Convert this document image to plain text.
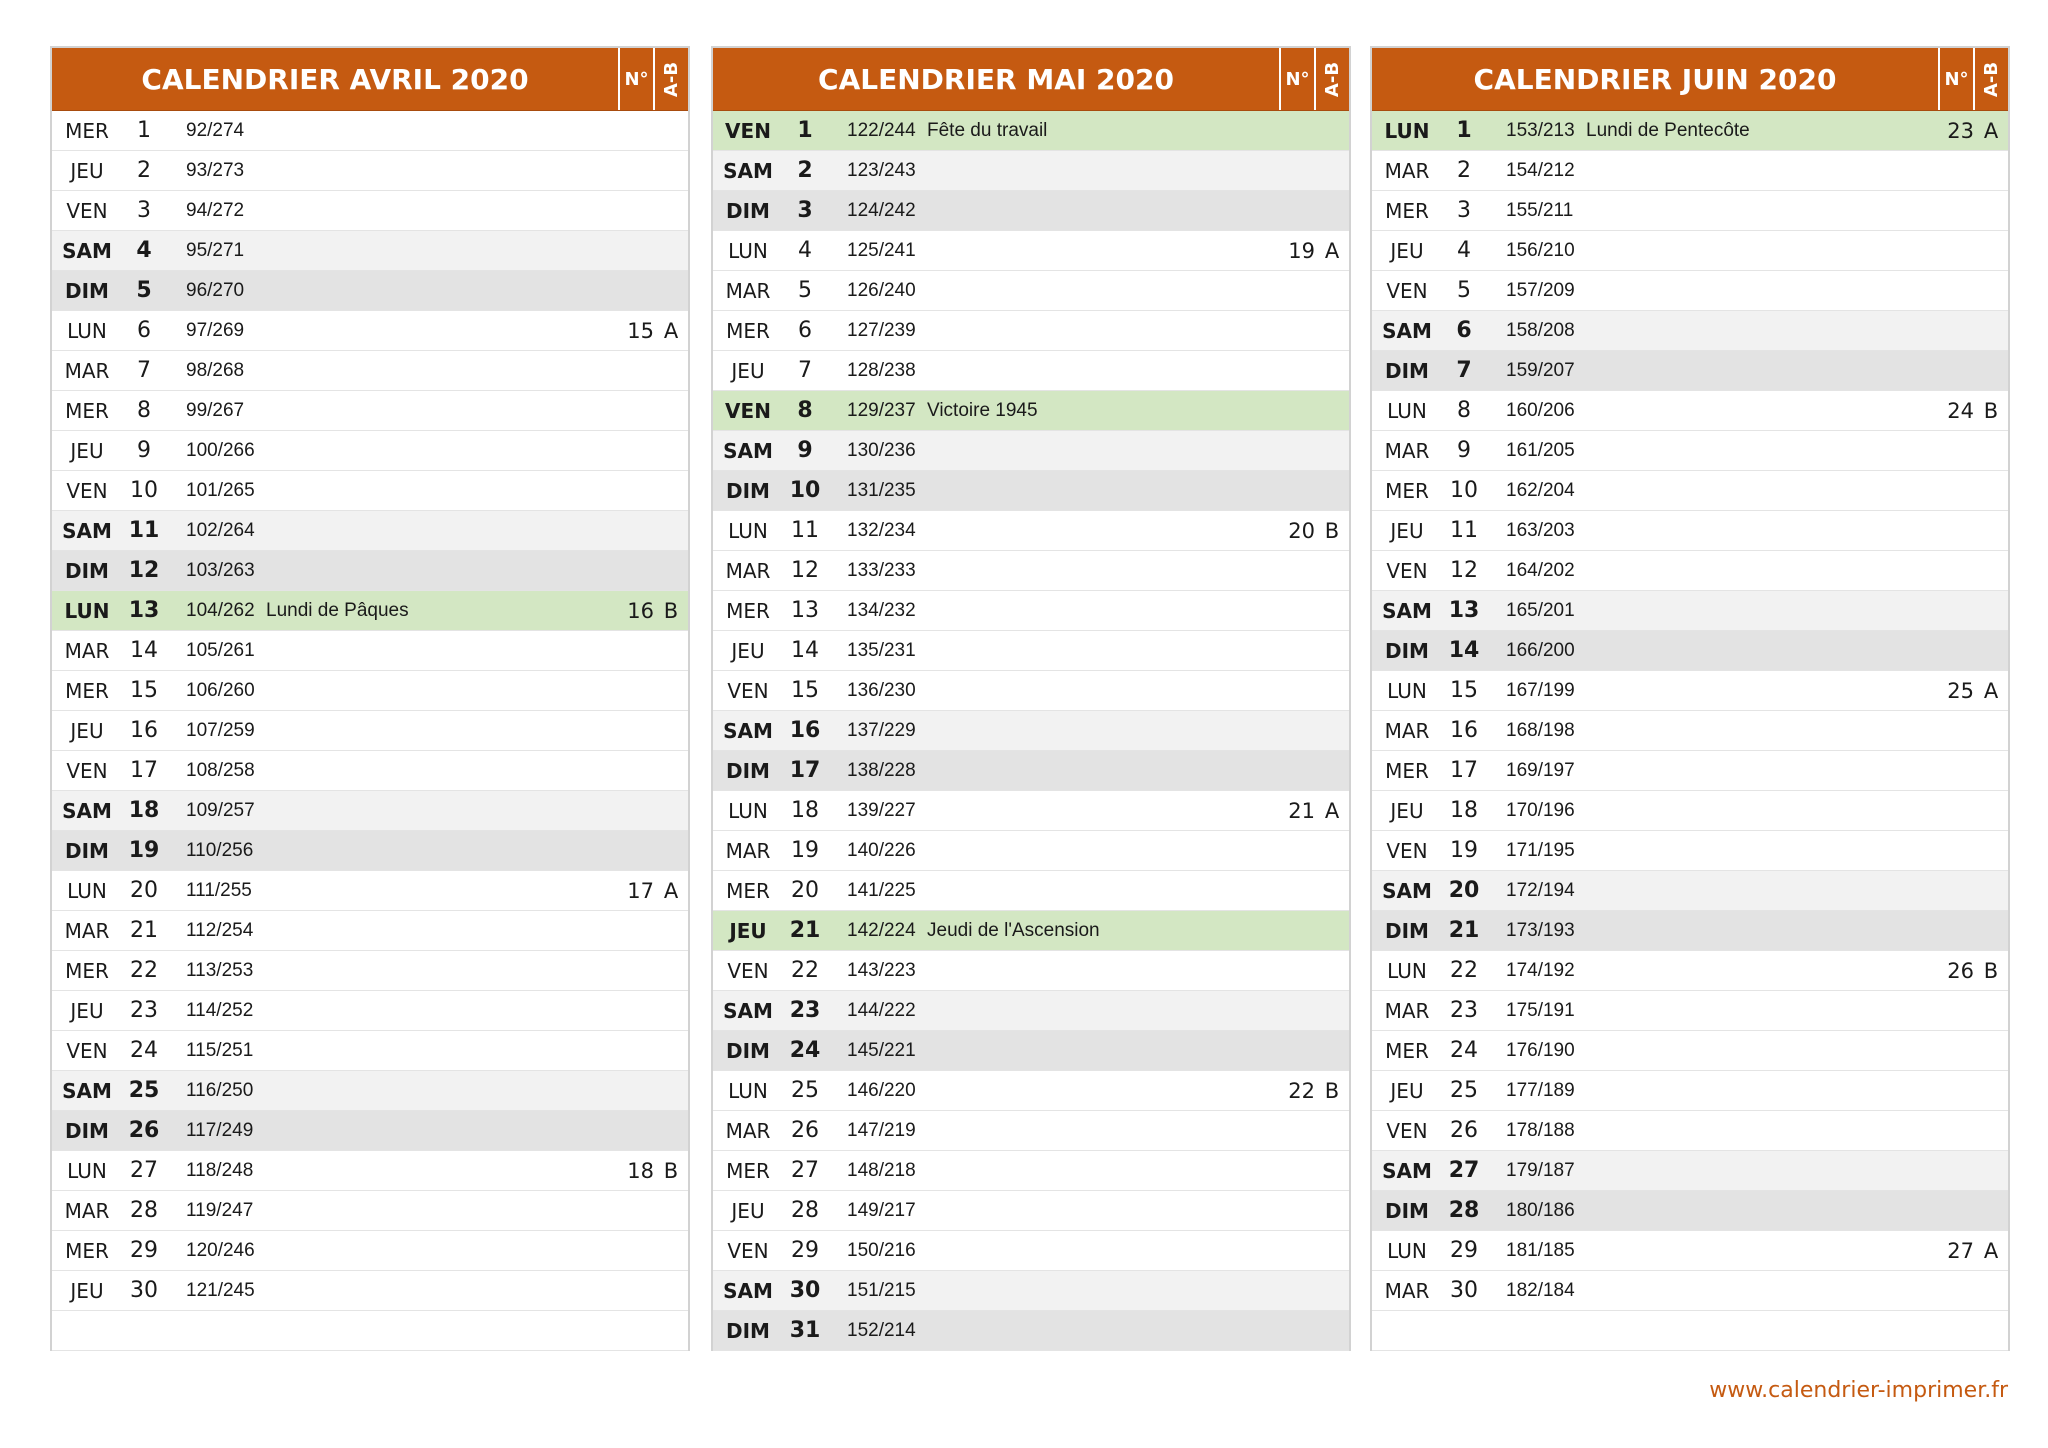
CALENDRIER AVRIL 2020	N° A-B
MER	1	92/274
JEU	2	93/273
VEN	3	94/272
SAM	4	95/271
DIM	5	96/270
LUN	6	97/269	15 A
MAR	7	98/268
MER	8	99/267
JEU	9	100/266
VEN	10	101/265
SAM 11	102/264
DIM 12	103/263
LUN 13	104/262 Lundi de Pâques	16 B
MAR 14	105/261
MER 15	106/260
JEU	16	107/259
VEN	17	108/258
SAM 18	109/257
DIM 19	110/256
LUN	20	111/255	17 A
MAR 21	112/254
MER 22	113/253
JEU	23	114/252
VEN	24	115/251
SAM 25	116/250
DIM 26	117/249
LUN	27	118/248	18 B
MAR 28	119/247
MER 29	120/246
JEU	30	121/245
CALENDRIER MAI 2020	N° A-B
VEN	1	122/244 Fête du travail
SAM	2	123/243
DIM	3	124/242
LUN	4	125/241	19 A
MAR	5	126/240
MER	6	127/239
JEU	7	128/238
VEN	8	129/237 Victoire 1945
SAM	9	130/236
DIM 10	131/235
LUN	11	132/234	20 B
MAR 12	133/233
MER 13	134/232
JEU	14	135/231
VEN	15	136/230
SAM 16	137/229
DIM 17	138/228
LUN	18	139/227	21 A
MAR 19	140/226
MER 20	141/225
JEU	21	142/224 Jeudi de l'Ascension
VEN	22	143/223
SAM 23	144/222
DIM 24	145/221
LUN	25	146/220	22 B
MAR 26	147/219
MER 27	148/218
JEU	28	149/217
VEN	29	150/216
SAM 30	151/215
DIM 31	152/214
CALENDRIER JUIN 2020	N° A-B
LUN	1	153/213 Lundi de Pentecôte	23 A
MAR	2	154/212
MER	3	155/211
JEU	4	156/210
VEN	5	157/209
SAM	6	158/208
DIM	7	159/207
LUN	8	160/206	24 B
MAR	9	161/205
MER 10	162/204
JEU	11	163/203
VEN	12	164/202
SAM 13	165/201
DIM 14	166/200
LUN	15	167/199	25 A
MAR 16	168/198
MER 17	169/197
JEU	18	170/196
VEN	19	171/195
SAM 20	172/194
DIM 21	173/193
LUN	22	174/192	26 B
MAR 23	175/191
MER 24	176/190
JEU	25	177/189
VEN	26	178/188
SAM 27	179/187
DIM 28	180/186
LUN	29	181/185	27 A
MAR 30	182/184
www.calendrier-imprimer.fr
